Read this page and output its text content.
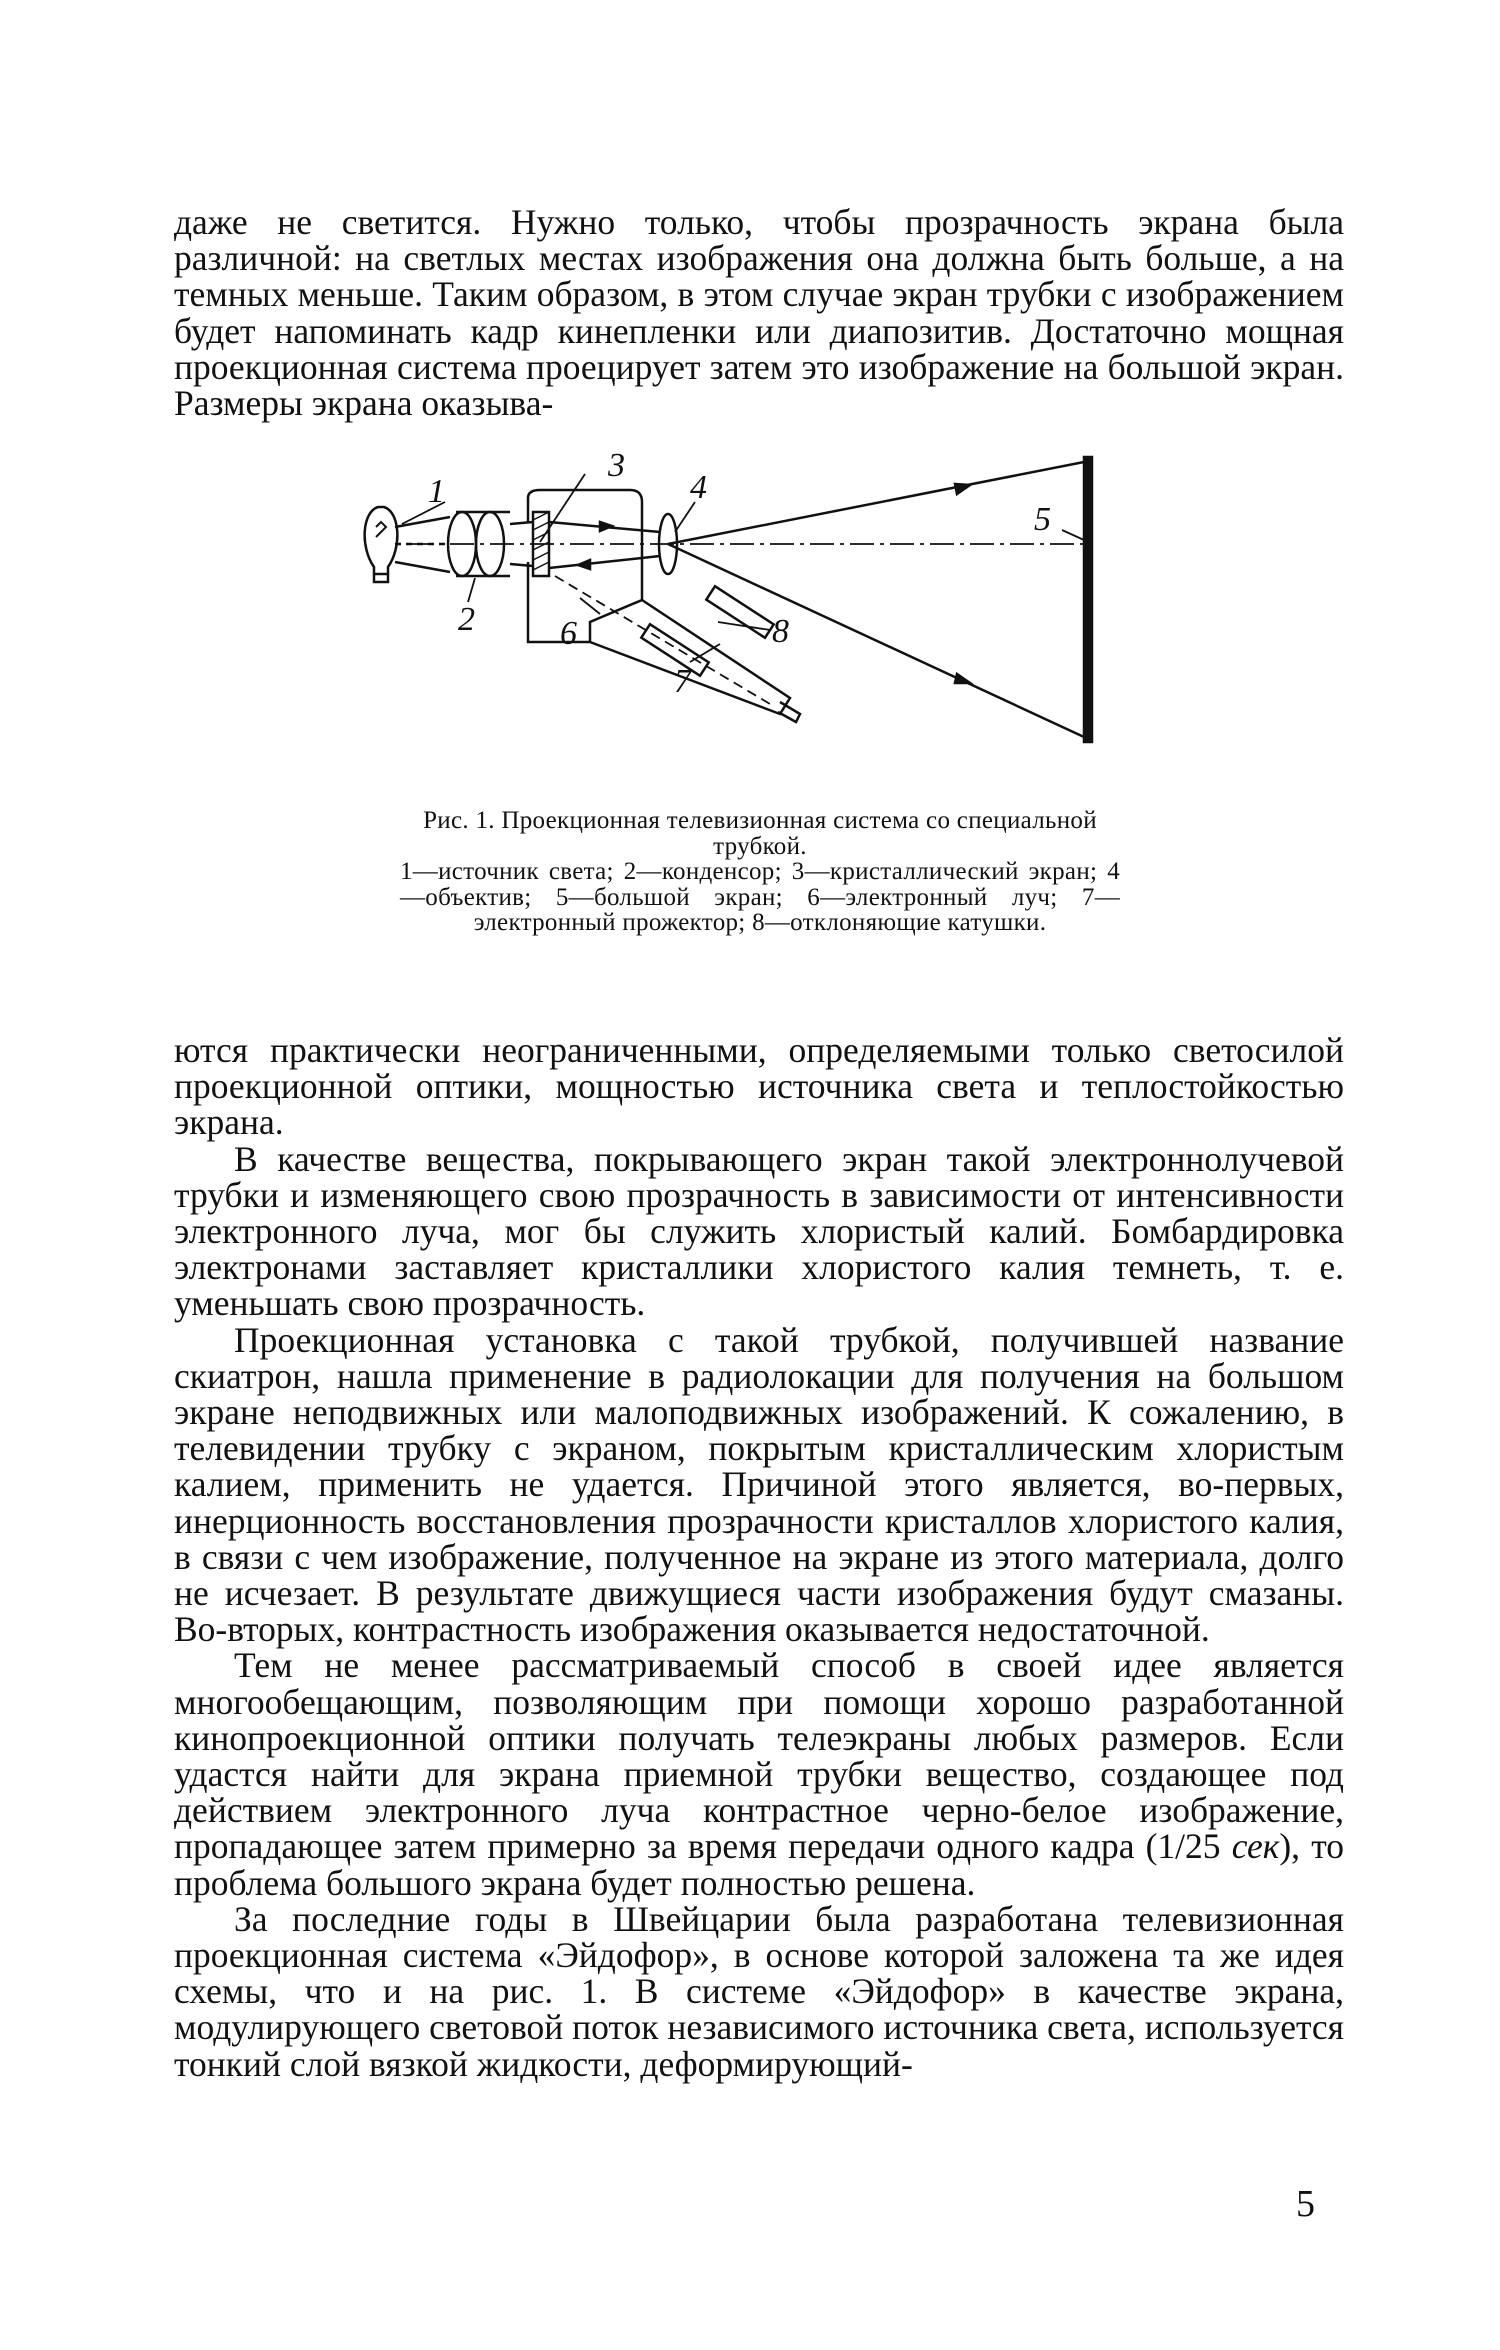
даже не светится. Нужно только, чтобы прозрачность экрана была различной: на светлых местах изображения она должна быть больше, а на темных меньше. Таким образом, в этом случае экран трубки с изображением будет напоминать кадр кинепленки или диапозитив. Достаточно мощная проекционная система проецирует затем это изображение на большой экран. Размеры экрана оказыва-

1
2
3
4
5
6
7
8
Рис. 1. Проекционная телевизионная система со специальной трубкой.
1—источник света; 2—конденсор; 3—кристаллический экран; 4—объектив; 5—большой экран; 6—электронный луч; 7—электронный прожектор; 8—отклоняющие катушки.

ются практически неограниченными, определяемыми только светосилой проекционной оптики, мощностью источника света и теплостойкостью экрана.

В качестве вещества, покрывающего экран такой электроннолучевой трубки и изменяющего свою прозрачность в зависимости от интенсивности электронного луча, мог бы служить хлористый калий. Бомбардировка электронами заставляет кристаллики хлористого калия темнеть, т. е. уменьшать свою прозрачность.

Проекционная установка с такой трубкой, получившей название скиатрон, нашла применение в радиолокации для получения на большом экране неподвижных или малоподвижных изображений. К сожалению, в телевидении трубку с экраном, покрытым кристаллическим хлористым калием, применить не удается. Причиной этого является, во-первых, инерционность восстановления прозрачности кристаллов хлористого калия, в связи с чем изображение, полученное на экране из этого материала, долго не исчезает. В результате движущиеся части изображения будут смазаны. Во-вторых, контрастность изображения оказывается недостаточной.

Тем не менее рассматриваемый способ в своей идее является многообещающим, позволяющим при помощи хорошо разработанной кинопроекционной оптики получать телеэкраны любых размеров. Если удастся найти для экрана приемной трубки вещество, создающее под действием электронного луча контрастное черно-белое изображение, пропадающее затем примерно за время передачи одного кадра (1/25 сек), то проблема большого экрана будет полностью решена.

За последние годы в Швейцарии была разработана телевизионная проекционная система «Эйдофор», в основе которой заложена та же идея схемы, что и на рис. 1. В системе «Эйдофор» в качестве экрана, модулирующего световой поток независимого источника света, используется тонкий слой вязкой жидкости, деформирующий-

5
